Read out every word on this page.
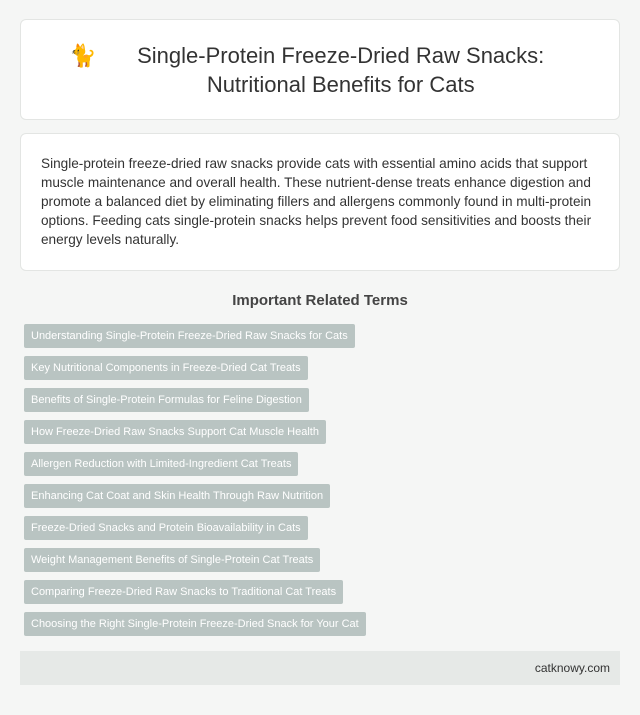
🐈	Single-Protein Freeze-Dried Raw Snacks: Nutritional Benefits for Cats

Single-protein freeze-dried raw snacks provide cats with essential amino acids that support muscle maintenance and overall health. These nutrient-dense treats enhance digestion and promote a balanced diet by eliminating fillers and allergens commonly found in multi-protein options. Feeding cats single-protein snacks helps prevent food sensitivities and boosts their energy levels naturally.

Important Related Terms
Understanding Single-Protein Freeze-Dried Raw Snacks for Cats
Key Nutritional Components in Freeze-Dried Cat Treats
Benefits of Single-Protein Formulas for Feline Digestion
How Freeze-Dried Raw Snacks Support Cat Muscle Health
Allergen Reduction with Limited-Ingredient Cat Treats
Enhancing Cat Coat and Skin Health Through Raw Nutrition
Freeze-Dried Snacks and Protein Bioavailability in Cats
Weight Management Benefits of Single-Protein Cat Treats
Comparing Freeze-Dried Raw Snacks to Traditional Cat Treats
Choosing the Right Single-Protein Freeze-Dried Snack for Your Cat
catknowy.com
